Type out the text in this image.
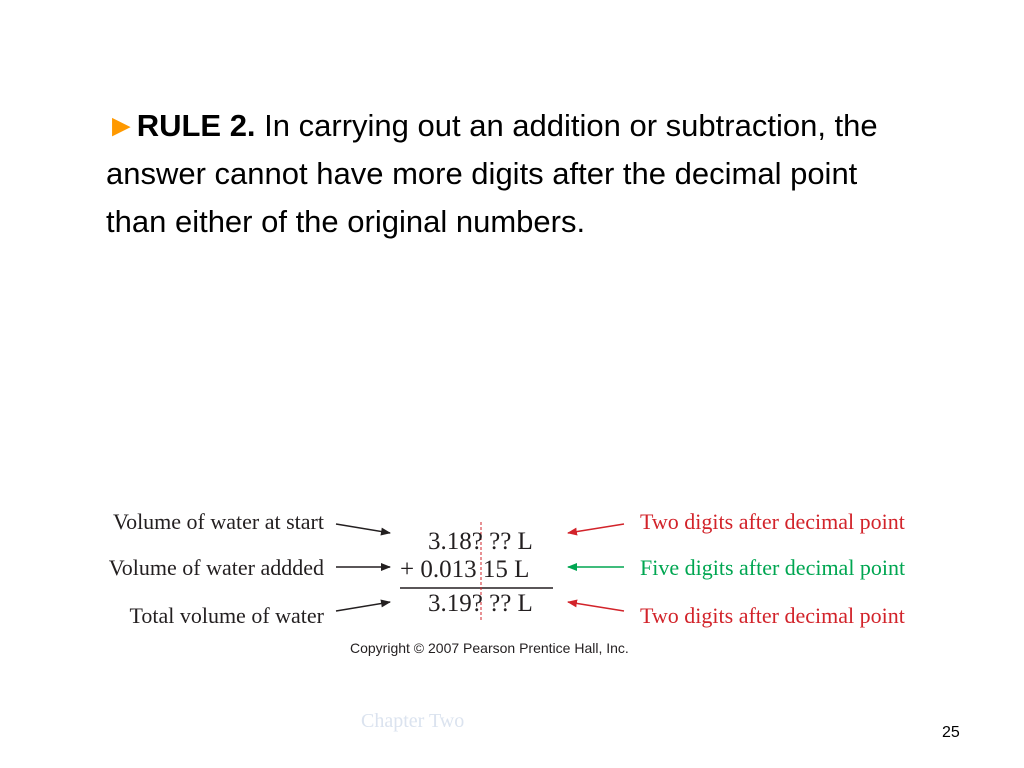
►RULE 2. In carrying out an addition or subtraction, the answer cannot have more digits after the decimal point than either of the original numbers.
Volume of water at start
Volume of water addded
Total volume of water
3.18? ?? L
+ 0.013 15 L
3.19? ?? L
Two digits after decimal point
Five digits after decimal point
Two digits after decimal point
Copyright © 2007 Pearson Prentice Hall, Inc.
Chapter Two
25
